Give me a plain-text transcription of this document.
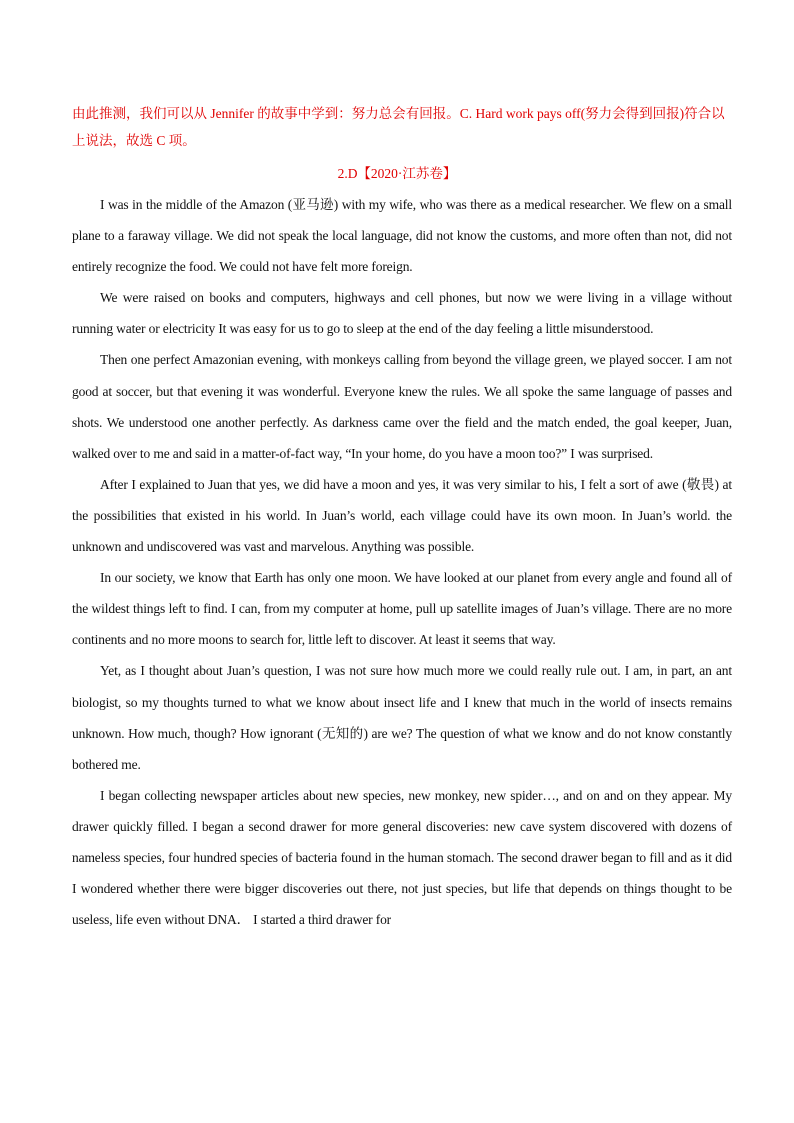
由此推测，我们可以从 Jennifer 的故事中学到：努力总会有回报。C. Hard work pays off(努力会得到回报)符合以上说法，故选 C 项。
2.D【2020·江苏卷】

I was in the middle of the Amazon (亚马逊) with my wife, who was there as a medical researcher. We flew on a small plane to a faraway village. We did not speak the local language, did not know the customs, and more often than not, did not entirely recognize the food. We could not have felt more foreign.

We were raised on books and computers, highways and cell phones, but now we were living in a village without running water or electricity It was easy for us to go to sleep at the end of the day feeling a little misunderstood.

Then one perfect Amazonian evening, with monkeys calling from beyond the village green, we played soccer. I am not good at soccer, but that evening it was wonderful. Everyone knew the rules. We all spoke the same language of passes and shots. We understood one another perfectly. As darkness came over the field and the match ended, the goal keeper, Juan, walked over to me and said in a matter-of-fact way, “In your home, do you have a moon too?” I was surprised.

After I explained to Juan that yes, we did have a moon and yes, it was very similar to his, I felt a sort of awe (敬畏) at the possibilities that existed in his world. In Juan’s world, each village could have its own moon. In Juan’s world. the unknown and undiscovered was vast and marvelous. Anything was possible.

In our society, we know that Earth has only one moon. We have looked at our planet from every angle and found all of the wildest things left to find. I can, from my computer at home, pull up satellite images of Juan’s village. There are no more continents and no more moons to search for, little left to discover. At least it seems that way.

Yet, as I thought about Juan’s question, I was not sure how much more we could really rule out. I am, in part, an ant biologist, so my thoughts turned to what we know about insect life and I knew that much in the world of insects remains unknown. How much, though? How ignorant (无知的) are we? The question of what we know and do not know constantly bothered me.

I began collecting newspaper articles about new species, new monkey, new spider…, and on and on they appear. My drawer quickly filled. I began a second drawer for more general discoveries: new cave system discovered with dozens of nameless species, four hundred species of bacteria found in the human stomach. The second drawer began to fill and as it did I wondered whether there were bigger discoveries out there, not just species, but life that depends on things thought to be useless, life even without DNA． I started a third drawer for
